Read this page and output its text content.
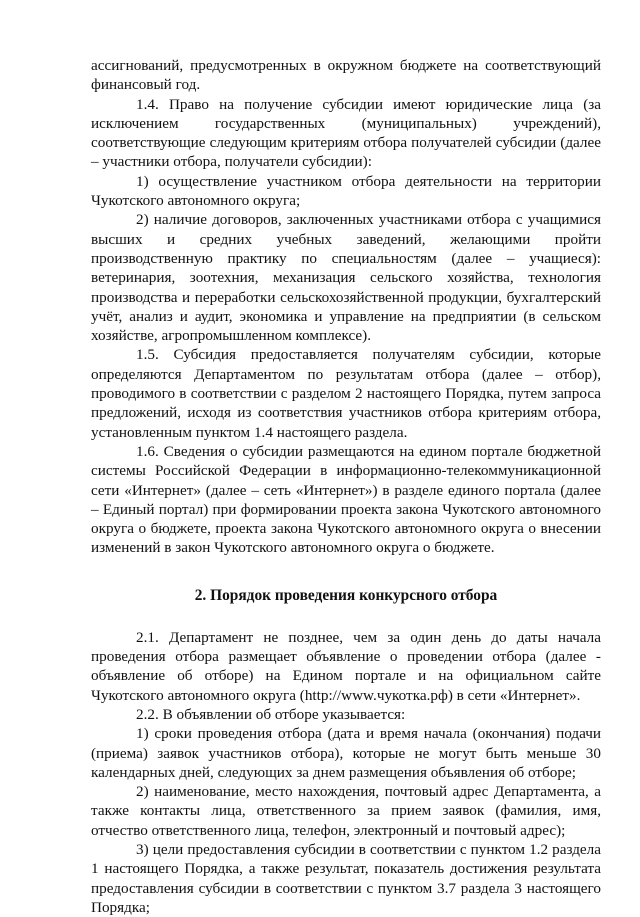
ассигнований, предусмотренных в окружном бюджете на соответствующий финансовый год.

1.4. Право на получение субсидии имеют юридические лица (за исключением государственных (муниципальных) учреждений), соответствующие следующим критериям отбора получателей субсидии (далее – участники отбора, получатели субсидии):

1) осуществление участником отбора деятельности на территории Чукотского автономного округа;

2) наличие договоров, заключенных участниками отбора с учащимися высших и средних учебных заведений, желающими пройти производственную практику по специальностям (далее – учащиеся): ветеринария, зоотехния, механизация сельского хозяйства, технология производства и переработки сельскохозяйственной продукции, бухгалтерский учёт, анализ и аудит, экономика и управление на предприятии (в сельском хозяйстве, агропромышленном комплексе).

1.5. Субсидия предоставляется получателям субсидии, которые определяются Департаментом по результатам отбора (далее – отбор), проводимого в соответствии с разделом 2 настоящего Порядка, путем запроса предложений, исходя из соответствия участников отбора критериям отбора, установленным пунктом 1.4 настоящего раздела.

1.6. Сведения о субсидии размещаются на едином портале бюджетной системы Российской Федерации в информационно-телекоммуникационной сети «Интернет» (далее – сеть «Интернет») в разделе единого портала (далее – Единый портал) при формировании проекта закона Чукотского автономного округа о бюджете, проекта закона Чукотского автономного округа о внесении изменений в закон Чукотского автономного округа о бюджете.

2. Порядок проведения конкурсного отбора

2.1. Департамент не позднее, чем за один день до даты начала проведения отбора размещает объявление о проведении отбора (далее - объявление об отборе) на Едином портале и на официальном сайте Чукотского автономного округа (http://www.чукотка.рф) в сети «Интернет».

2.2. В объявлении об отборе указывается:

1) сроки проведения отбора (дата и время начала (окончания) подачи (приема) заявок участников отбора), которые не могут быть меньше 30 календарных дней, следующих за днем размещения объявления об отборе;

2) наименование, место нахождения, почтовый адрес Департамента, а также контакты лица, ответственного за прием заявок (фамилия, имя, отчество ответственного лица, телефон, электронный и почтовый адрес);

3) цели предоставления субсидии в соответствии с пунктом 1.2 раздела 1 настоящего Порядка, а также результат, показатель достижения результата предоставления субсидии в соответствии с пунктом 3.7 раздела 3 настоящего Порядка;
